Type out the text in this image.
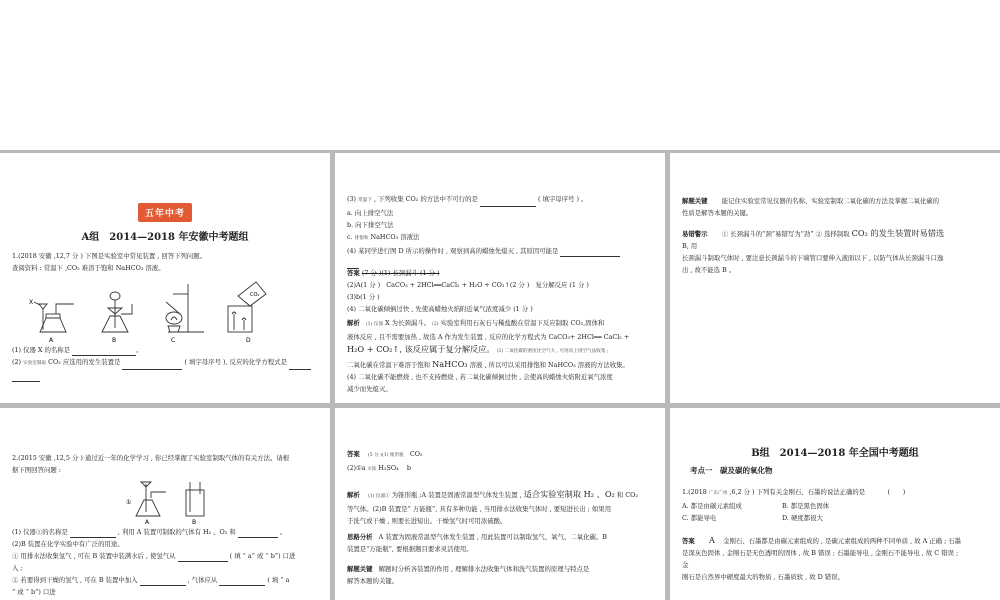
五年中考
A组　2014—2018 年安徽中考题组

1.(2018 安徽 ,12,7 分 ) 下图是实验室中常见装置 , 回答下列问题。

查阅资料 : 常温下 ,CO₂ 难溶于饱和 NaHCO₃ 溶液。

X
A	B	C
CO₂
D

(1) 仪器 X 的名称是	。

(2) 实验室制取 CO₂ 应选用的发生装置是	( 填字母序号 ), 反应的化学方程式是

(3) 常温下 , 下列收集 CO₂ 的方法中不可行的是	( 填字母序号 ) 。

a. 向上排空气法

b. 向下排空气法

c. 排饱和 NaHCO₃ 溶液法

(4) 某同学进行图 D 所示的操作时 , 观察到高的蜡烛先熄灭 , 其原因可能是

答案 (7 分 )(1) 长颈漏斗 (1 分 )

(2)A(1 分 ) CaCO₃ + 2HCl══CaCl₂ + H₂O + CO₂↑(2 分 ) 复分解反应 (1 分 )

(3)b(1 分 )

(4) 二氧化碳倾倒过快 , 先使高蜡烛火焰附近氧气浓度减少 (1 分 )

解析 (1) 仪器 X 为长颈漏斗。 (2) 实验室利用石灰石与稀盐酸在常温下反应制取 CO₂,固体和

液体反应 , 且不需要加热 , 故选 A 作为发生装置 , 反应的化学方程式为 CaCO₃+ 2HCl══ CaCl₂ +

H₂O + CO₂↑, 该反应属于复分解反应。 (3) 二氧化碳的密度比空气大 , 可用向上排空气法收集 ;

二氧化碳在常温下难溶于饱和 NaHCO₃ 溶液 , 所以可以采用排饱和 NaHCO₃ 溶液的方法收集。

(4) 二氧化碳不能燃烧 , 也不支持燃烧 , 若二氧化碳倾倒过快 , 会使高的蜡烛火焰附近氧气浓度

减少而先熄灭。

解题关键 能记住实验室常见仪器的名称、实验室制取二氧化碳的方法及掌握二氧化碳的

性质是解答本题的关键。

易错警示 ① 长颈漏斗的“颈”易错写为“劲” ② 选择制取 CO₂ 的发生装置时易错选

B, 用

长颈漏斗制取气体时 , 要注意长颈漏斗的下端管口要伸入液面以下 , 以防气体从长颈漏斗口逸

出 , 故不能选 B 。

2.(2015 安徽 ,12,5 分 ) 通过近一年的化学学习 , 你已经掌握了实验室制取气体的有关方法。请根

据下图回答问题 :

①
A	B

(1) 仪器①的名称是	, 利用 A 装置可制取的气体有 H₂ 、O₂ 和	。

(2)B 装置在化学实验中有广泛的用途。

① 用排水法收集氢气 , 可在 B 装置中装满水后 , 使氢气从	( 填 “ a” 或 “ b”) 口进

入 ;

② 若要得到干燥的氢气 , 可在 B 装置中加入	, 气体应从	( 填 “ a

” 或 “ b”) 口进

答案 (5 分 )(1) 锥形瓶 CO₂

(2)①a ②浓 H₂SO₄ b

解析 (1) 仪器① 为锥形瓶 ;A 装置是固液常温型气体发生装置 , 适合实验室制取 H₂ 、O₂ 和 CO₂

等气体。(2)B 装置是“ 万能瓶”, 具有多种功能 , 当用排水法收集气体时 , 要短进长出 ; 如果用

于洗气或干燥 , 则要长进短出。干燥氢气时可用浓硫酸。

思路分析 A 装置为固液常温型气体发生装置 , 用此装置可以制取氢气、氧气、二氧化碳。B

装置是“万能瓶”, 要根据题目要求灵活使用。

解题关键 解题时分析各装置的作用 , 理解排水法收集气体和洗气装置的原理与特点是

解答本题的关键。

B组　2014—2018 年全国中考题组
考点一　碳及碳的氧化物

1.(2018 广东广州 ,6,2 分 ) 下列有关金刚石、石墨的说法正确的是	(　　)

A. 都是由碳元素组成	B. 都是黑色固体

C. 都能导电	D. 硬度都很大

答案 A 金刚石、石墨都是由碳元素组成的 , 是碳元素组成的两种不同单质 , 故 A 正确 ; 石墨

是深灰色固体 , 金刚石是无色透明的固体 , 故 B 错误 ; 石墨能导电 , 金刚石不能导电 , 故 C 错误 ;

金

刚石是自然界中硬度最大的物质 , 石墨质软 , 故 D 错误。
